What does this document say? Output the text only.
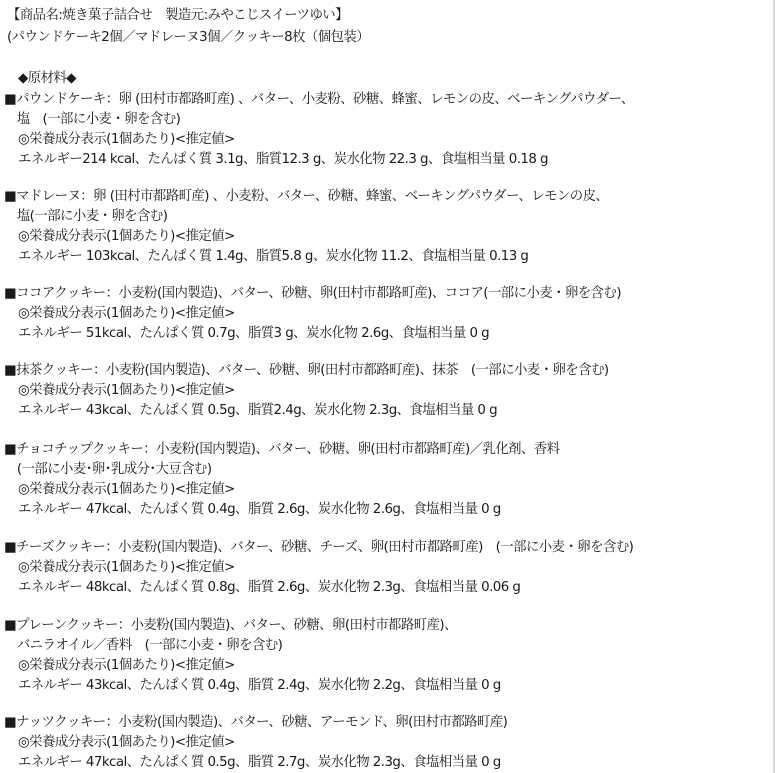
【商品名:焼き菓子詰合せ　製造元:みやこじスイーツゆい】
(パウンドケーキ2個／マドレーヌ3個／クッキー8枚（個包装）
◆原材料◆
■パウンドケーキ：卵 (田村市都路町産) 、バター、小麦粉、砂糖、蜂蜜、レモンの皮、ベーキングパウダー、
　塩　(一部に小麦・卵を含む)
◎栄養成分表示(1個あたり)<推定値>
エネルギー214 kcal、たんぱく質 3.1g、脂質12.3 g、炭水化物 22.3 g、食塩相当量 0.18 g
■マドレーヌ：卵 (田村市都路町産) 、小麦粉、バター、砂糖、蜂蜜、ベーキングパウダー、レモンの皮、
　塩(一部に小麦・卵を含む)
◎栄養成分表示(1個あたり)<推定値>
エネルギー 103kcal、たんぱく質 1.4g、脂質5.8 g、炭水化物 11.2、食塩相当量 0.13 g
■ココアクッキー：小麦粉(国内製造)、バター、砂糖、卵(田村市都路町産)、ココア(一部に小麦・卵を含む)
◎栄養成分表示(1個あたり)<推定値>
エネルギー 51kcal、たんぱく質 0.7g、脂質3 g、炭水化物 2.6g、食塩相当量 0 g
■抹茶クッキー：小麦粉(国内製造)、バター、砂糖、卵(田村市都路町産)、抹茶　(一部に小麦・卵を含む)
◎栄養成分表示(1個あたり)<推定値>
エネルギー 43kcal、たんぱく質 0.5g、脂質2.4g、炭水化物 2.3g、食塩相当量 0 g
■チョコチップクッキー：小麦粉(国内製造)、バター、砂糖、卵(田村市都路町産)／乳化剤、香料
　(一部に小麦･卵･乳成分･大豆含む)
◎栄養成分表示(1個あたり)<推定値>
エネルギー 47kcal、たんぱく質 0.4g、脂質 2.6g、炭水化物 2.6g、食塩相当量 0 g
■チーズクッキー：小麦粉(国内製造)、バター、砂糖、チーズ、卵(田村市都路町産)　(一部に小麦・卵を含む)
◎栄養成分表示(1個あたり)<推定値>
エネルギー 48kcal、たんぱく質 0.8g、脂質 2.6g、炭水化物 2.3g、食塩相当量 0.06 g
■プレーンクッキー：小麦粉(国内製造)、バター、砂糖、卵(田村市都路町産)、
　バニラオイル／香料　(一部に小麦・卵を含む)
◎栄養成分表示(1個あたり)<推定値>
エネルギー 43kcal、たんぱく質 0.4g、脂質 2.4g、炭水化物 2.2g、食塩相当量 0 g
■ナッツクッキー：小麦粉(国内製造)、バター、砂糖、アーモンド、卵(田村市都路町産)
◎栄養成分表示(1個あたり)<推定値>
エネルギー 47kcal、たんぱく質 0.5g、脂質 2.7g、炭水化物 2.3g、食塩相当量 0 g
